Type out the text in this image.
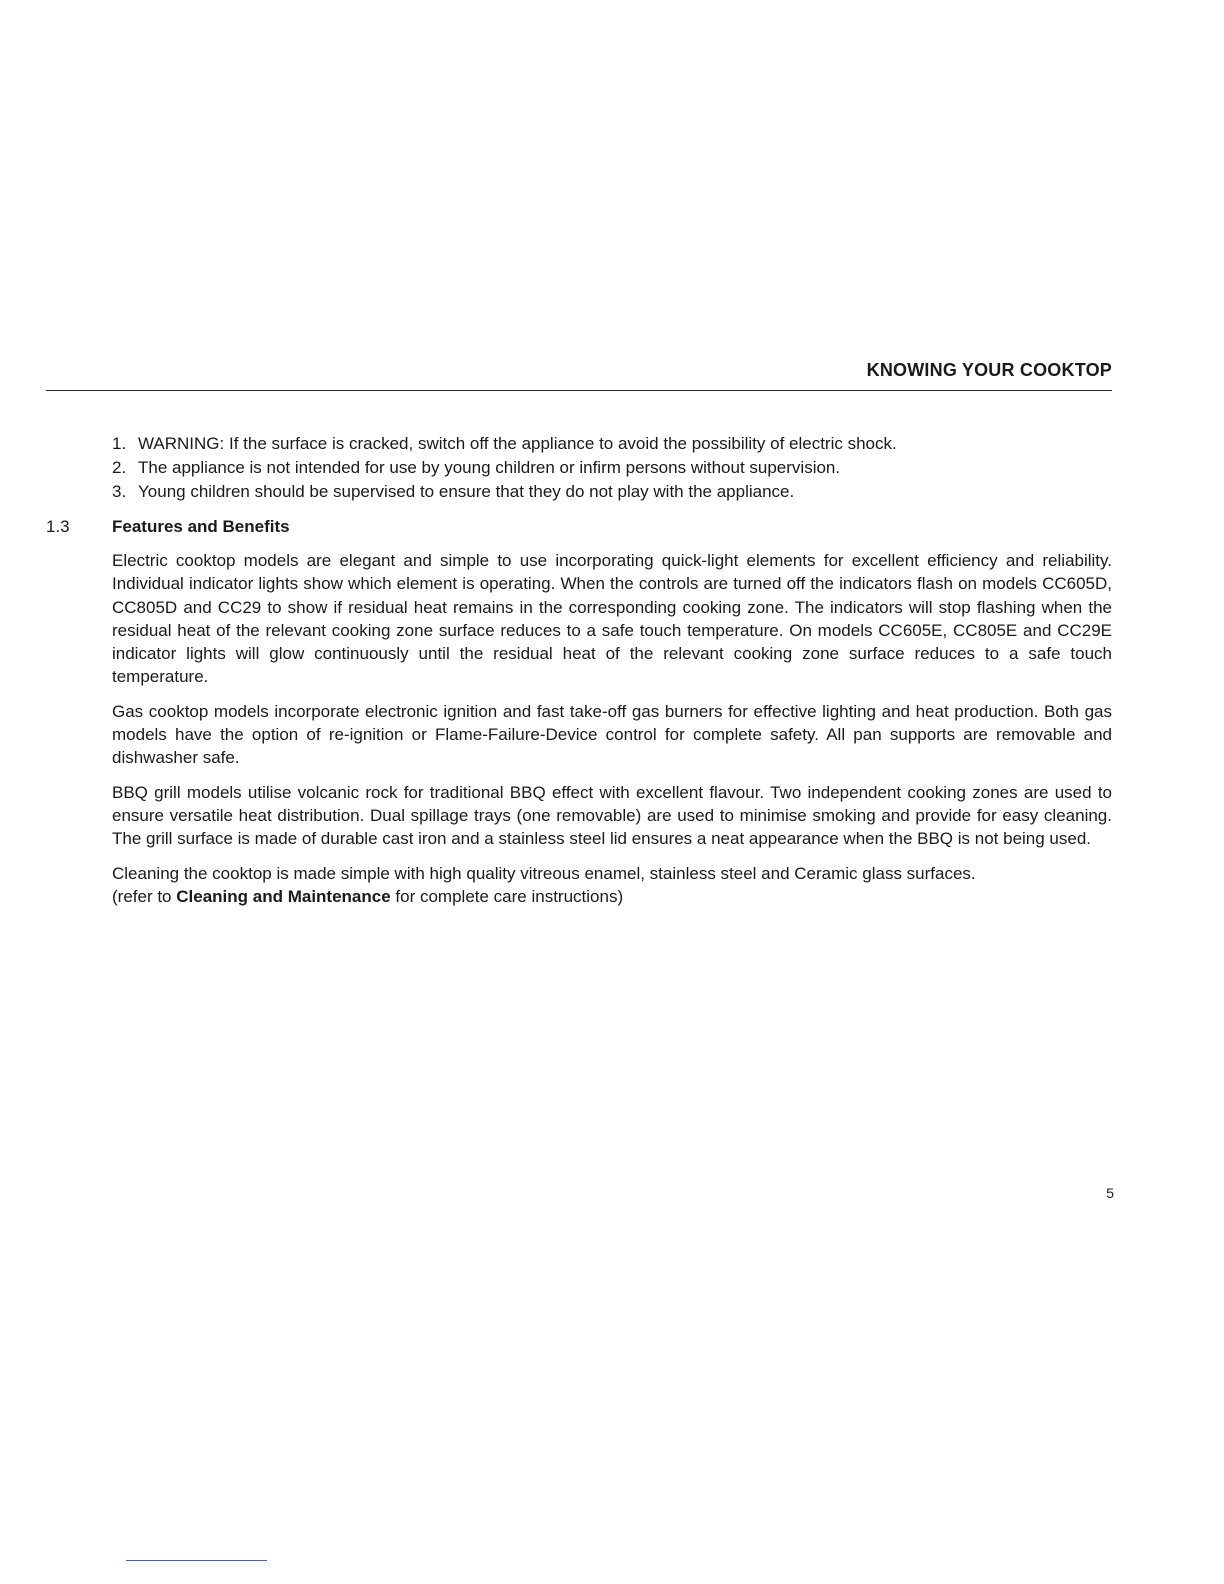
KNOWING YOUR COOKTOP
1. WARNING: If the surface is cracked, switch off the appliance to avoid the possibility of electric shock.
2. The appliance is not intended for use by young children or infirm persons without supervision.
3. Young children should be supervised to ensure that they do not play with the appliance.
1.3	Features and Benefits

Electric cooktop models are elegant and simple to use incorporating quick-light elements for excellent efficiency and reliability. Individual indicator lights show which element is operating. When the controls are turned off the indicators flash on models CC605D, CC805D and CC29 to show if residual heat remains in the corresponding cooking zone. The indicators will stop flashing when the residual heat of the relevant cooking zone surface reduces to a safe touch temperature. On models CC605E, CC805E and CC29E indicator lights will glow continuously until the residual heat of the relevant cooking zone surface reduces to a safe touch temperature.

Gas cooktop models incorporate electronic ignition and fast take-off gas burners for effective lighting and heat production. Both gas models have the option of re-ignition or Flame-Failure-Device control for complete safety. All pan supports are removable and dishwasher safe.

BBQ grill models utilise volcanic rock for traditional BBQ effect with excellent flavour. Two independent cooking zones are used to ensure versatile heat distribution. Dual spillage trays (one removable) are used to minimise smoking and provide for easy cleaning. The grill surface is made of durable cast iron and a stainless steel lid ensures a neat appearance when the BBQ is not being used.

Cleaning the cooktop is made simple with high quality vitreous enamel, stainless steel and Ceramic glass surfaces.
(refer to Cleaning and Maintenance for complete care instructions)

5
